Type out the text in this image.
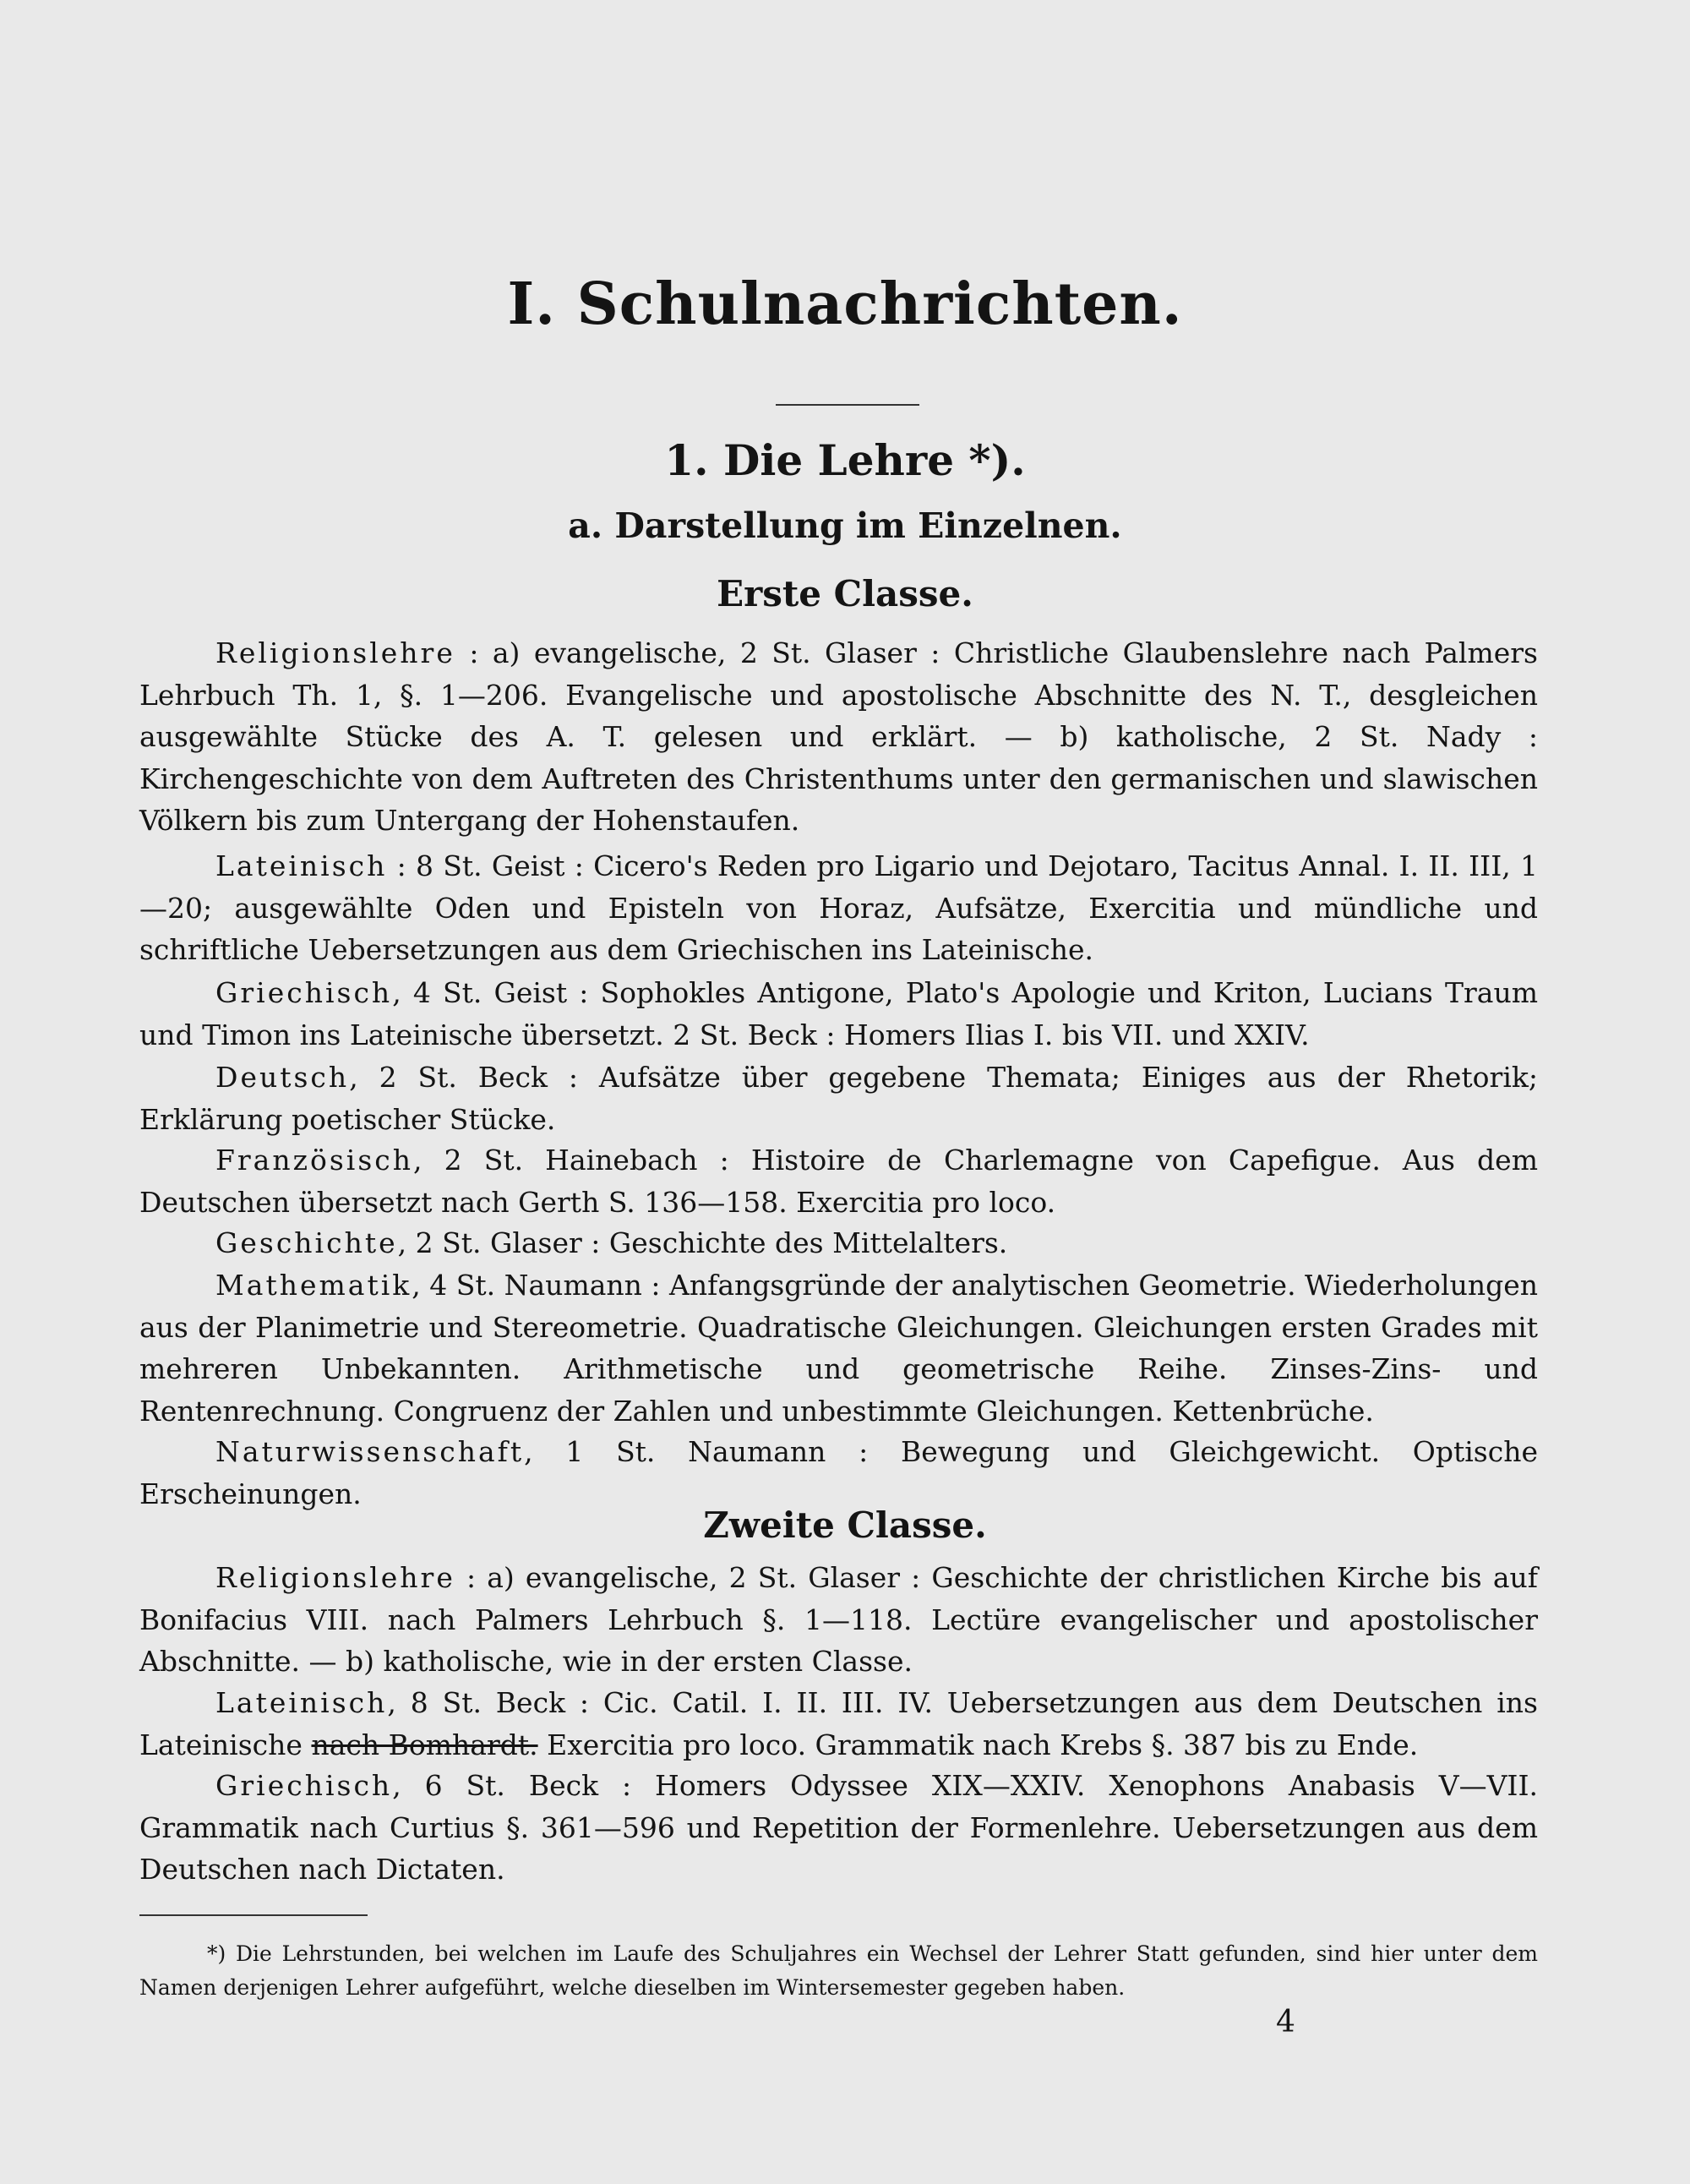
I. Schulnachrichten.
1. Die Lehre *).
a. Darstellung im Einzelnen.
Erste Classe.

Religionslehre : a) evangelische, 2 St. Glaser : Christliche Glaubenslehre nach Palmers Lehrbuch Th. 1, §. 1—206. Evangelische und apostolische Abschnitte des N. T., desgleichen ausgewählte Stücke des A. T. gelesen und erklärt. — b) katholische, 2 St. Nady : Kirchengeschichte von dem Auftreten des Christenthums unter den germanischen und slawischen Völkern bis zum Untergang der Hohenstaufen.

Lateinisch : 8 St. Geist : Cicero's Reden pro Ligario und Dejotaro, Tacitus Annal. I. II. III, 1—20; ausgewählte Oden und Episteln von Horaz, Aufsätze, Exercitia und mündliche und schriftliche Uebersetzungen aus dem Griechischen ins Lateinische.

Griechisch, 4 St. Geist : Sophokles Antigone, Plato's Apologie und Kriton, Lucians Traum und Timon ins Lateinische übersetzt. 2 St. Beck : Homers Ilias I. bis VII. und XXIV.

Deutsch, 2 St. Beck : Aufsätze über gegebene Themata; Einiges aus der Rhetorik; Erklärung poetischer Stücke.

Französisch, 2 St. Hainebach : Histoire de Charlemagne von Capefigue. Aus dem Deutschen übersetzt nach Gerth S. 136—158. Exercitia pro loco.

Geschichte, 2 St. Glaser : Geschichte des Mittelalters.

Mathematik, 4 St. Naumann : Anfangsgründe der analytischen Geometrie. Wiederholungen aus der Planimetrie und Stereometrie. Quadratische Gleichungen. Gleichungen ersten Grades mit mehreren Unbekannten. Arithmetische und geometrische Reihe. Zinses-Zins- und Rentenrechnung. Congruenz der Zahlen und unbestimmte Gleichungen. Kettenbrüche.

Naturwissenschaft, 1 St. Naumann : Bewegung und Gleichgewicht. Optische Erscheinungen.

Zweite Classe.

Religionslehre : a) evangelische, 2 St. Glaser : Geschichte der christlichen Kirche bis auf Bonifacius VIII. nach Palmers Lehrbuch §. 1—118. Lectüre evangelischer und apostolischer Abschnitte. — b) katholische, wie in der ersten Classe.

Lateinisch, 8 St. Beck : Cic. Catil. I. II. III. IV. Uebersetzungen aus dem Deutschen ins Lateinische nach Bomhardt. Exercitia pro loco. Grammatik nach Krebs §. 387 bis zu Ende.

Griechisch, 6 St. Beck : Homers Odyssee XIX—XXIV. Xenophons Anabasis V—VII. Grammatik nach Curtius §. 361—596 und Repetition der Formenlehre. Uebersetzungen aus dem Deutschen nach Dictaten.

*) Die Lehrstunden, bei welchen im Laufe des Schuljahres ein Wechsel der Lehrer Statt gefunden, sind hier unter dem Namen derjenigen Lehrer aufgeführt, welche dieselben im Wintersemester gegeben haben.

4
